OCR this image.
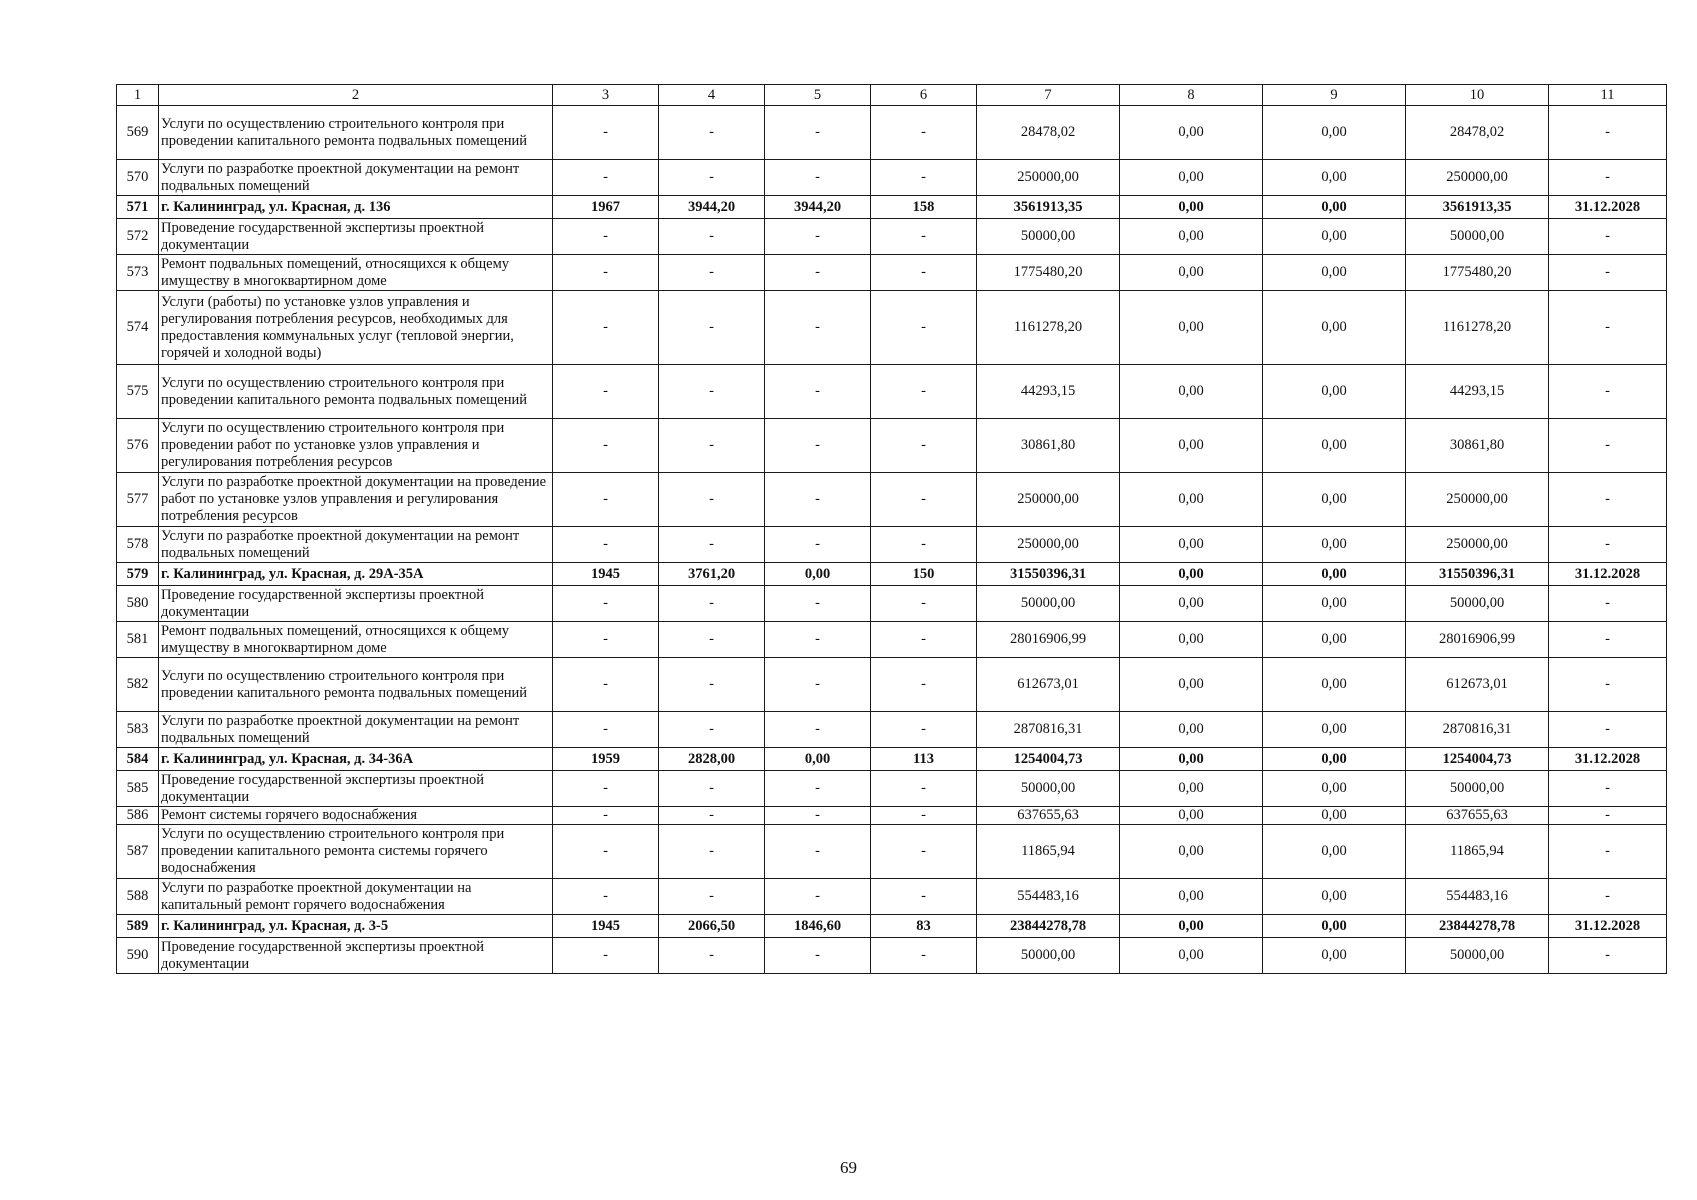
1	2	3	4	5	6	7	8	9	10	11
569	Услуги по осуществлению строительного контроля при проведении капитального ремонта подвальных помещений	-	-	-	-	28478,02	0,00	0,00	28478,02	-
570	Услуги по разработке проектной документации на ремонт подвальных помещений	-	-	-	-	250000,00	0,00	0,00	250000,00	-
571	г. Калининград, ул. Красная, д. 136	1967	3944,20	3944,20	158	3561913,35	0,00	0,00	3561913,35	31.12.2028
572	Проведение государственной экспертизы проектной документации	-	-	-	-	50000,00	0,00	0,00	50000,00	-
573	Ремонт подвальных помещений, относящихся к общему имуществу в многоквартирном доме	-	-	-	-	1775480,20	0,00	0,00	1775480,20	-
574	Услуги (работы) по установке узлов управления и регулирования потребления ресурсов, необходимых для предоставления коммунальных услуг (тепловой энергии, горячей и холодной воды)	-	-	-	-	1161278,20	0,00	0,00	1161278,20	-
575	Услуги по осуществлению строительного контроля при проведении капитального ремонта подвальных помещений	-	-	-	-	44293,15	0,00	0,00	44293,15	-
576	Услуги по осуществлению строительного контроля при проведении работ по установке узлов управления и регулирования потребления ресурсов	-	-	-	-	30861,80	0,00	0,00	30861,80	-
577	Услуги по разработке проектной документации на проведение работ по установке узлов управления и регулирования потребления ресурсов	-	-	-	-	250000,00	0,00	0,00	250000,00	-
578	Услуги по разработке проектной документации на ремонт подвальных помещений	-	-	-	-	250000,00	0,00	0,00	250000,00	-
579	г. Калининград, ул. Красная, д. 29А-35А	1945	3761,20	0,00	150	31550396,31	0,00	0,00	31550396,31	31.12.2028
580	Проведение государственной экспертизы проектной документации	-	-	-	-	50000,00	0,00	0,00	50000,00	-
581	Ремонт подвальных помещений, относящихся к общему имуществу в многоквартирном доме	-	-	-	-	28016906,99	0,00	0,00	28016906,99	-
582	Услуги по осуществлению строительного контроля при проведении капитального ремонта подвальных помещений	-	-	-	-	612673,01	0,00	0,00	612673,01	-
583	Услуги по разработке проектной документации на ремонт подвальных помещений	-	-	-	-	2870816,31	0,00	0,00	2870816,31	-
584	г. Калининград, ул. Красная, д. 34-36А	1959	2828,00	0,00	113	1254004,73	0,00	0,00	1254004,73	31.12.2028
585	Проведение государственной экспертизы проектной документации	-	-	-	-	50000,00	0,00	0,00	50000,00	-
586	Ремонт системы горячего водоснабжения	-	-	-	-	637655,63	0,00	0,00	637655,63	-
587	Услуги по осуществлению строительного контроля при проведении капитального ремонта системы горячего водоснабжения	-	-	-	-	11865,94	0,00	0,00	11865,94	-
588	Услуги по разработке проектной документации на капитальный ремонт горячего водоснабжения	-	-	-	-	554483,16	0,00	0,00	554483,16	-
589	г. Калининград, ул. Красная, д. 3-5	1945	2066,50	1846,60	83	23844278,78	0,00	0,00	23844278,78	31.12.2028
590	Проведение государственной экспертизы проектной документации	-	-	-	-	50000,00	0,00	0,00	50000,00	-
69
